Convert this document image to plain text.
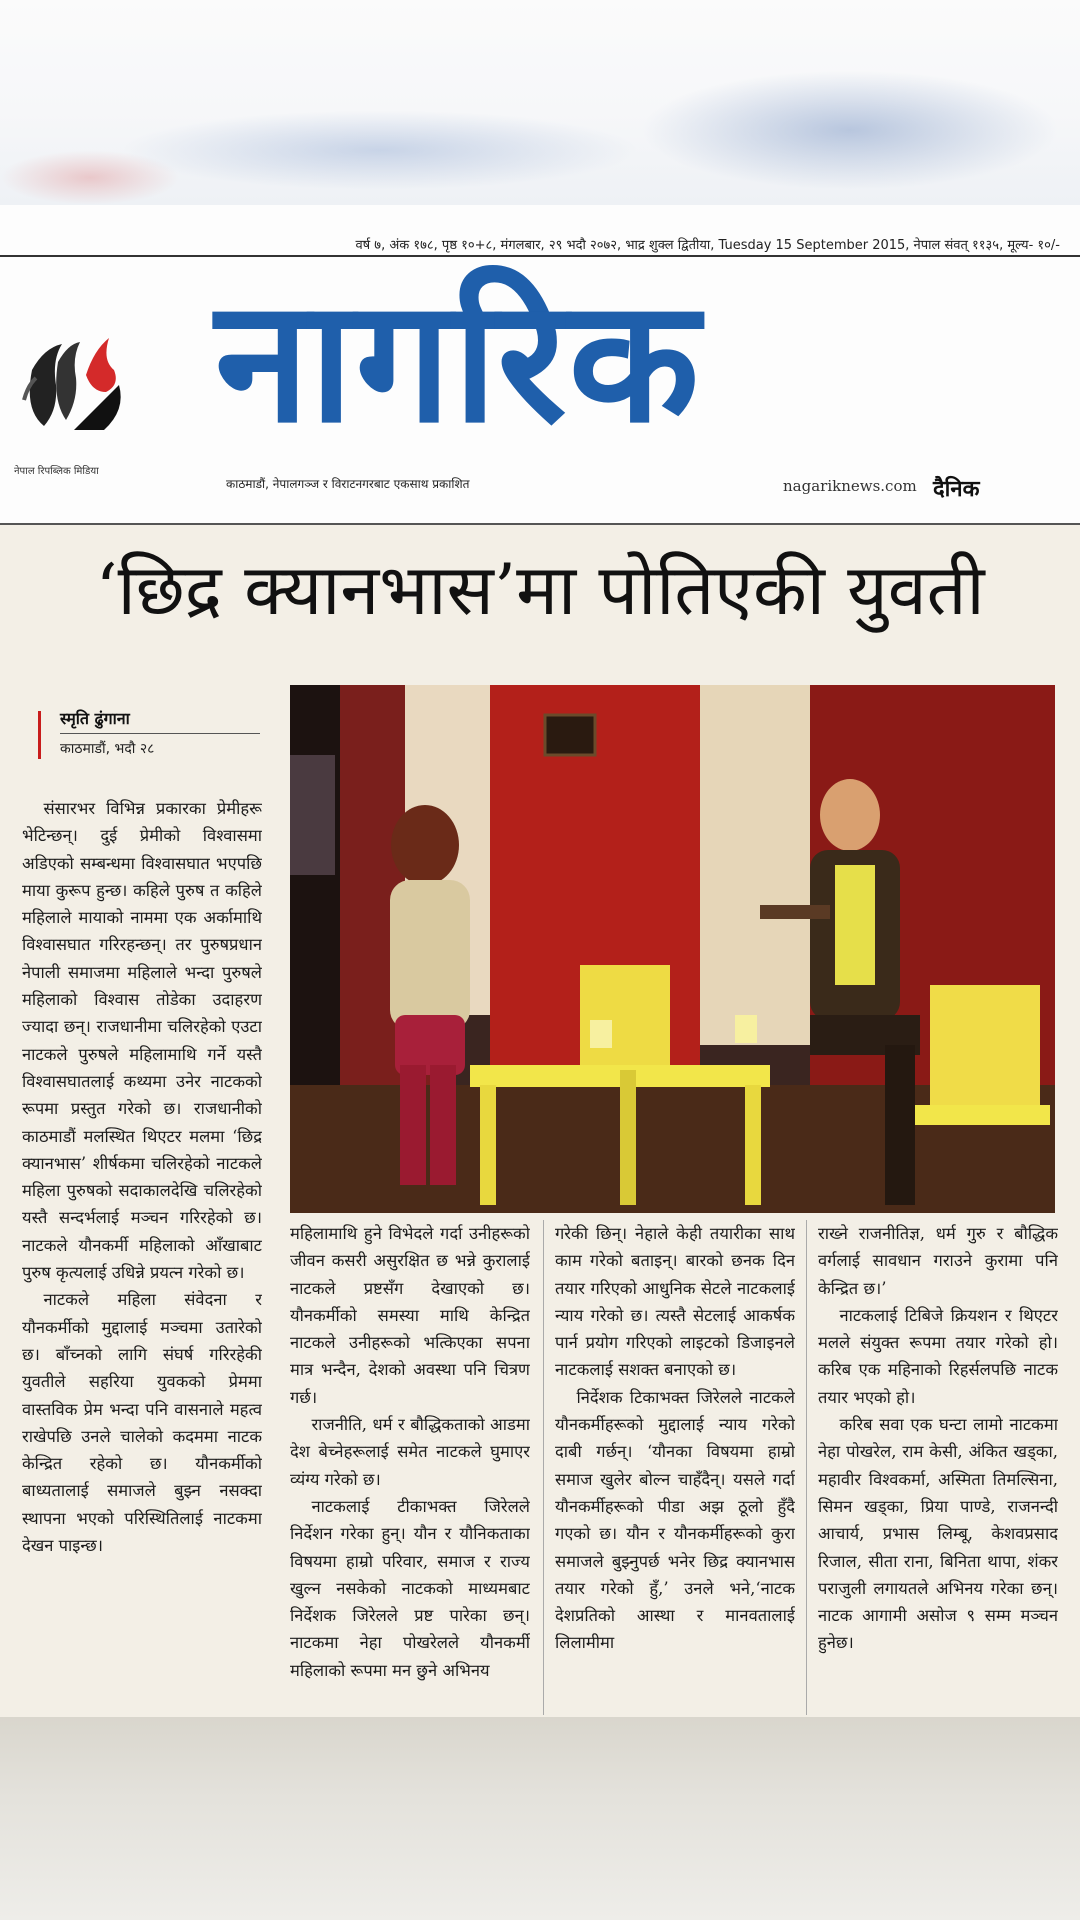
वर्ष ७, अंक १७८, पृष्ठ १०+८, मंगलबार, २९ भदौ २०७२, भाद्र शुक्ल द्वितीया, Tuesday 15 September 2015, नेपाल संवत् ११३५, मूल्य- १०/-
नेपाल रिपब्लिक मिडिया
नागरिक
काठमाडौं, नेपालगञ्ज र विराटनगरबाट एकसाथ प्रकाशित	nagariknews.com दैनिक
‘छिद्र क्यानभास’मा पोतिएकी युवती
स्मृति ढुंगाना
काठमाडौं, भदौ २८

संसारभर विभिन्न प्रकारका प्रेमीहरू भेटिन्छन्। दुई प्रेमीको विश्वासमा अडिएको सम्बन्धमा विश्वासघात भएपछि माया कुरूप हुन्छ। कहिले पुरुष त कहिले महिलाले मायाको नाममा एक अर्कामाथि विश्वासघात गरिरहन्छन्। तर पुरुषप्रधान नेपाली समाजमा महिलाले भन्दा पुरुषले महिलाको विश्वास तोडेका उदाहरण ज्यादा छन्। राजधानीमा चलिरहेको एउटा नाटकले पुरुषले महिलामाथि गर्ने यस्तै विश्वासघातलाई कथ्यमा उनेर नाटकको रूपमा प्रस्तुत गरेको छ। राजधानीको काठमाडौं मलस्थित थिएटर मलमा ‘छिद्र क्यानभास’ शीर्षकमा चलिरहेको नाटकले महिला पुरुषको सदाकालदेखि चलिरहेको यस्तै सन्दर्भलाई मञ्चन गरिरहेको छ। नाटकले यौनकर्मी महिलाको आँखाबाट पुरुष कृत्यलाई उधिन्ने प्रयत्न गरेको छ।

नाटकले महिला संवेदना र यौनकर्मीको मुद्दालाई मञ्चमा उतारेको छ। बाँच्नको लागि संघर्ष गरिरहेकी युवतीले सहरिया युवकको प्रेममा वास्तविक प्रेम भन्दा पनि वासनाले महत्व राखेपछि उनले चालेको कदममा नाटक केन्द्रित रहेको छ। यौनकर्मीको बाध्यतालाई समाजले बुझ्न नसक्दा स्थापना भएको परिस्थितिलाई नाटकमा देखन पाइन्छ।

महिलामाथि हुने विभेदले गर्दा उनीहरूको जीवन कसरी असुरक्षित छ भन्ने कुरालाई नाटकले प्रष्टसँग देखाएको छ। यौनकर्मीको समस्या माथि केन्द्रित नाटकले उनीहरूको भत्किएका सपना मात्र भन्दैन, देशको अवस्था पनि चित्रण गर्छ।

राजनीति, धर्म र बौद्धिकताको आडमा देश बेच्नेहरूलाई समेत नाटकले घुमाएर व्यंग्य गरेको छ।

नाटकलाई टीकाभक्त जिरेलले निर्देशन गरेका हुन्। यौन र यौनिकताका विषयमा हाम्रो परिवार, समाज र राज्य खुल्न नसकेको नाटकको माध्यमबाट निर्देशक जिरेलले प्रष्ट पारेका छन्। नाटकमा नेहा पोखरेलले यौनकर्मी महिलाको रूपमा मन छुने अभिनय

गरेकी छिन्। नेहाले केही तयारीका साथ काम गरेको बताइन्। बारको छनक दिन तयार गरिएको आधुनिक सेटले नाटकलाई न्याय गरेको छ। त्यस्तै सेटलाई आकर्षक पार्न प्रयोग गरिएको लाइटको डिजाइनले नाटकलाई सशक्त बनाएको छ।

निर्देशक टिकाभक्त जिरेलले नाटकले यौनकर्मीहरूको मुद्दालाई न्याय गरेको दाबी गर्छन्। ‘यौनका विषयमा हाम्रो समाज खुलेर बोल्न चाहँदैन्। यसले गर्दा यौनकर्मीहरूको पीडा अझ ठूलो हुँदै गएको छ। यौन र यौनकर्मीहरूको कुरा समाजले बुझ्नुपर्छ भनेर छिद्र क्यानभास तयार गरेको हुँ,’ उनले भने,‘नाटक देशप्रतिको आस्था र मानवतालाई लिलामीमा

राख्ने राजनीतिज्ञ, धर्म गुरु र बौद्धिक वर्गलाई सावधान गराउने कुरामा पनि केन्द्रित छ।’

नाटकलाई टिबिजे क्रियशन र थिएटर मलले संयुक्त रूपमा तयार गरेको हो। करिब एक महिनाको रिहर्सलपछि नाटक तयार भएको हो।

करिब सवा एक घन्टा लामो नाटकमा नेहा पोखरेल, राम केसी, अंकित खड्का, महावीर विश्वकर्मा, अस्मिता तिमल्सिना, सिमन खड्का, प्रिया पाण्डे, राजनन्दी आचार्य, प्रभास लिम्बू, केशवप्रसाद रिजाल, सीता राना, बिनिता थापा, शंकर पराजुली लगायतले अभिनय गरेका छन्। नाटक आगामी असोज ९ सम्म मञ्चन हुनेछ।
